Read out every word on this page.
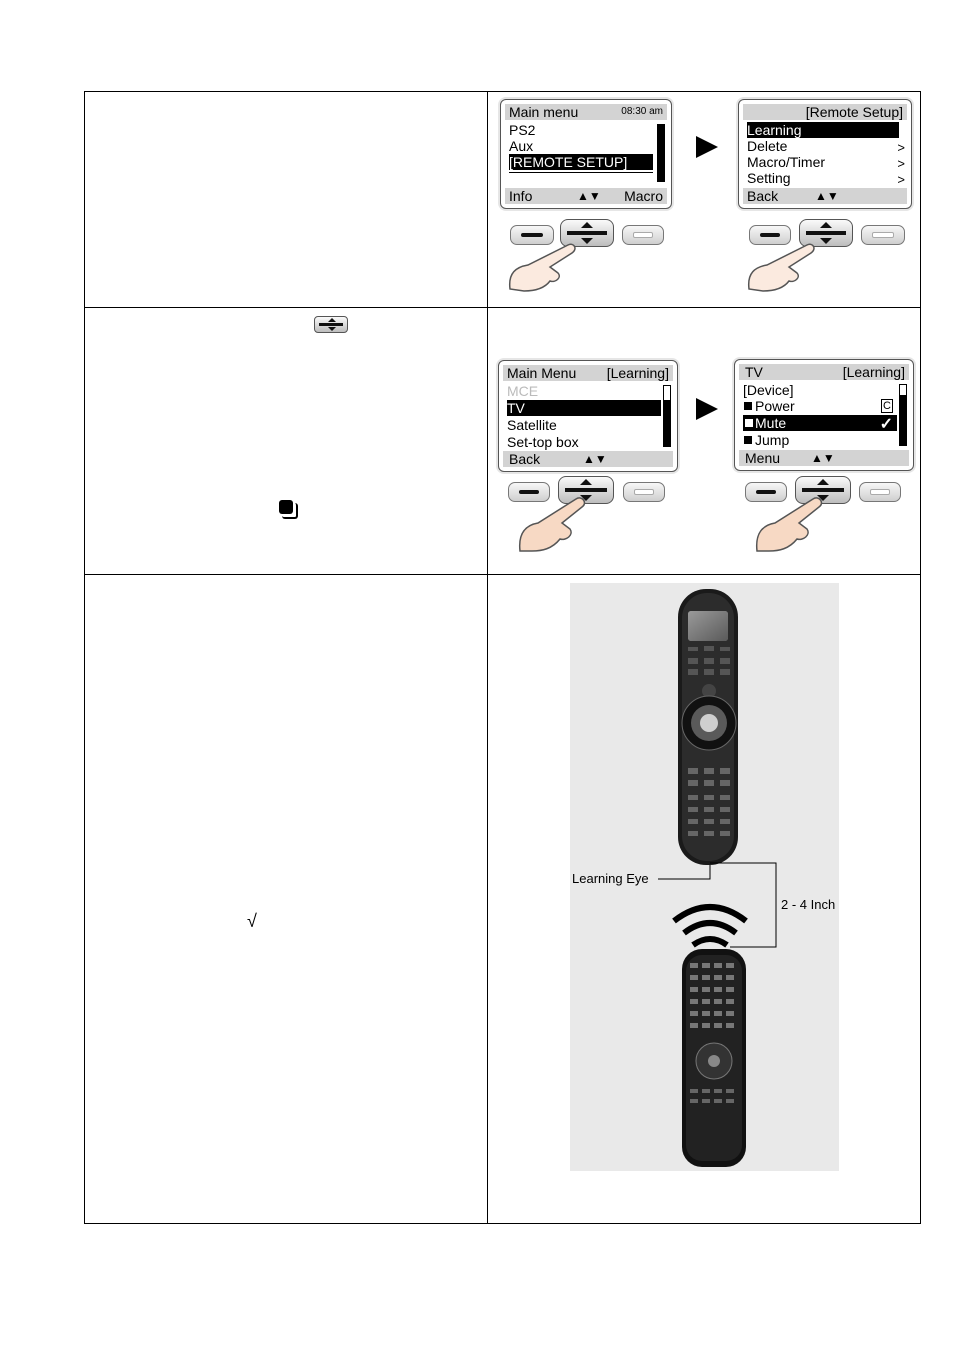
Main menu	08:30 am
PS2
Aux
[REMOTE SETUP]
Info	▲▼ Macro
[Remote Setup]
Learning
Delete
Macro/Timer
Setting
>
>
>
Back	▲▼
Main Menu [Learning]
MCE
TV
Satellite
Set-top box
Back	▲▼
TV	[Learning]
[Device]
Power	C
Mute	✓
Jump
Menu	▲▼
√
Learning Eye
2 - 4 Inch
